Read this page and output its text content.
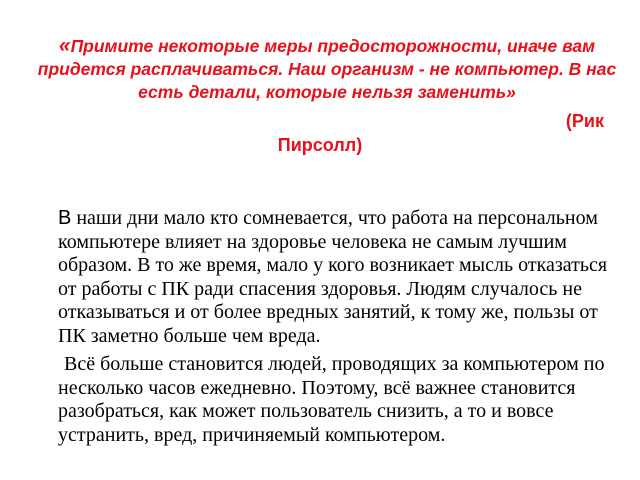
«Примите некоторые меры предосторожности, иначе вам придется расплачиваться. Наш организм - не компьютер. В нас есть детали, которые нельзя заменить»
(Рик
Пирсолл)
В наши дни мало кто сомневается, что работа на персональном компьютере влияет на здоровье человека не самым лучшим образом. В то же время, мало у кого возникает мысль отказаться от работы с ПК ради спасения здоровья. Людям случалось не отказываться и от более вредных занятий, к тому же, пользы от ПК заметно больше чем вреда.
Всё больше становится людей, проводящих за компьютером по несколько часов ежедневно. Поэтому, всё важнее становится разобраться, как может пользователь снизить, а то и вовсе устранить, вред, причиняемый компьютером.
